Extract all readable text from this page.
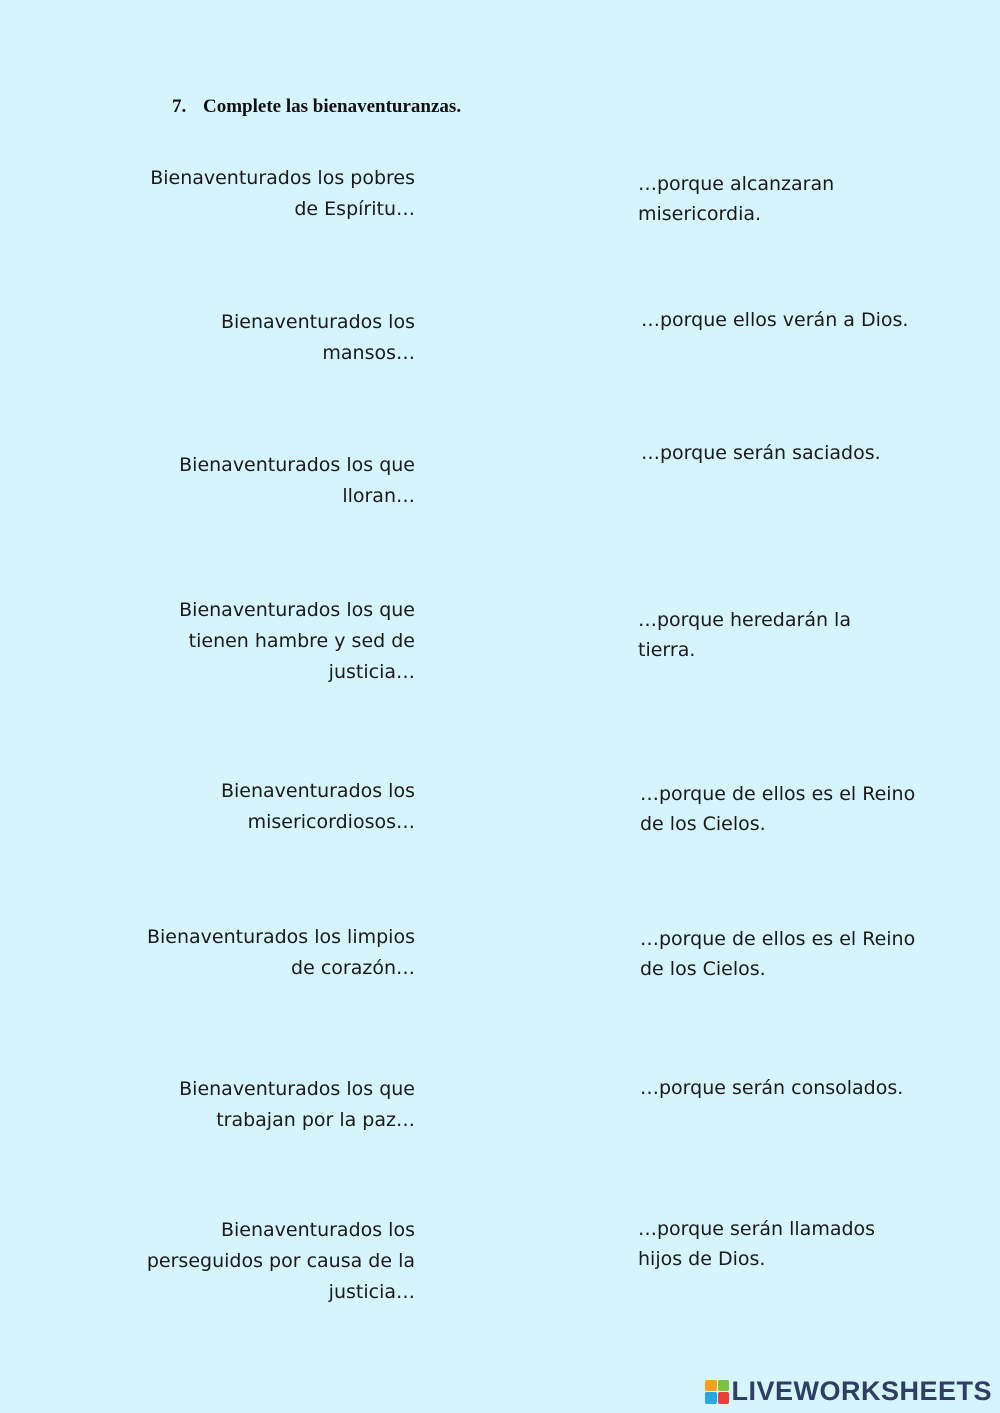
7. Complete las bienaventuranzas.
Bienaventurados los pobres
de Espíritu…
Bienaventurados los
mansos…
Bienaventurados los que
lloran…
Bienaventurados los que
tienen hambre y sed de
justicia…
Bienaventurados los
misericordiosos…
Bienaventurados los limpios
de corazón…
Bienaventurados los que
trabajan por la paz…
Bienaventurados los
perseguidos por causa de la
justicia…
…porque alcanzaran
misericordia.
…porque ellos verán a Dios.
…porque serán saciados.
…porque heredarán la
tierra.
…porque de ellos es el Reino
de los Cielos.
…porque de ellos es el Reino
de los Cielos.
…porque serán consolados.
…porque serán llamados
hijos de Dios.
LIVEWORKSHEETS
